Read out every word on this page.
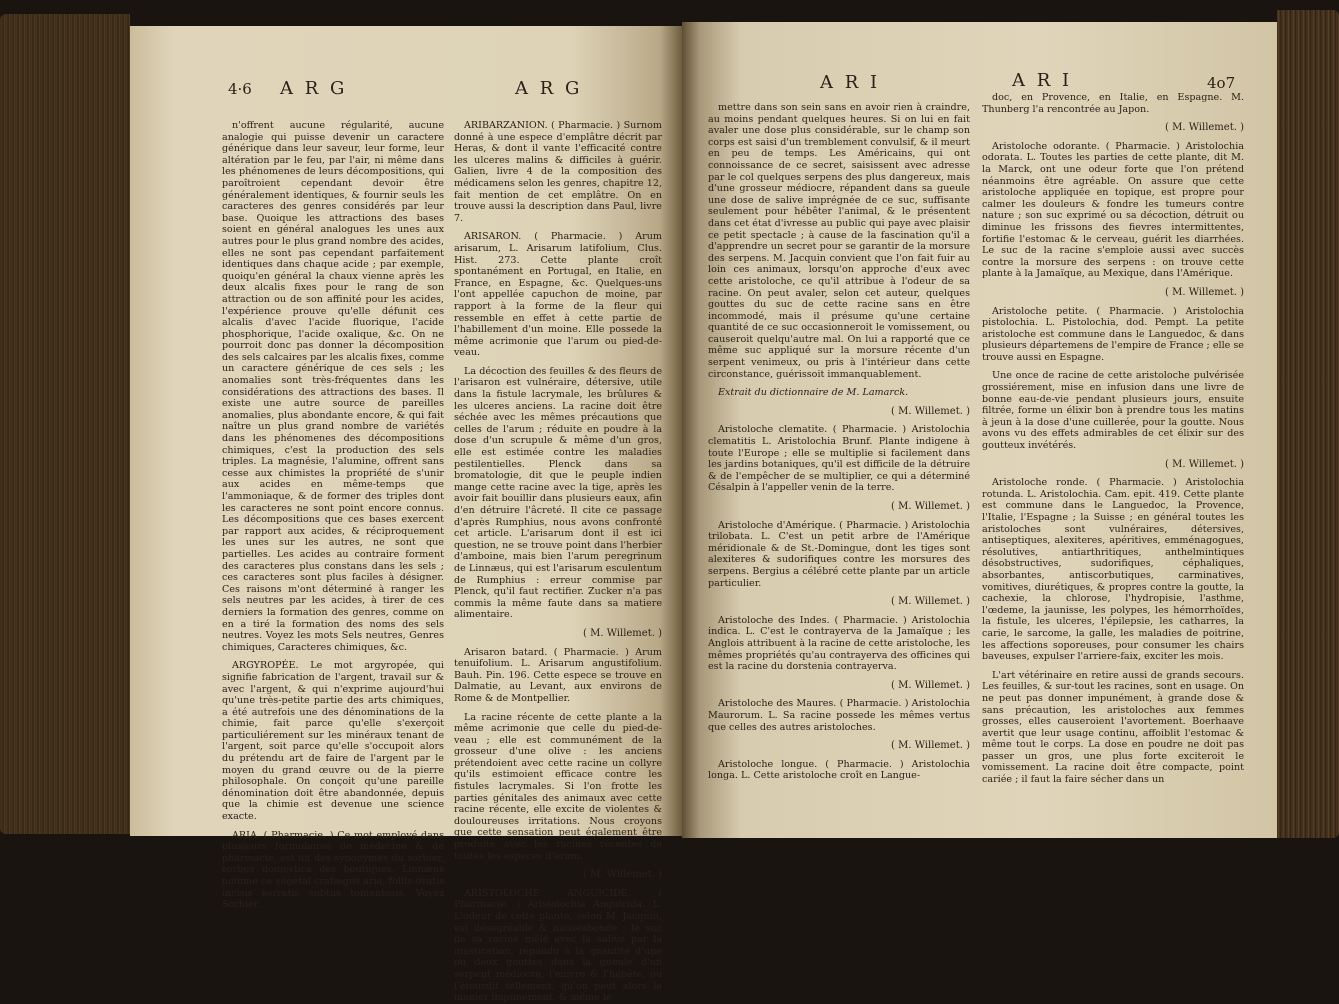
4·6 A R G	A R G

n'offrent aucune régularité, aucune analogie qui puisse devenir un caractere générique dans leur saveur, leur forme, leur altération par le feu, par l'air, ni même dans les phénomenes de leurs décompositions, qui paroîtroient cependant devoir être généralement identiques, & fournir seuls les caracteres des genres considérés par leur base. Quoique les attractions des bases soient en général analogues les unes aux autres pour le plus grand nombre des acides, elles ne sont pas cependant parfaitement identiques dans chaque acide ; par exemple, quoiqu'en général la chaux vienne après les deux alcalis fixes pour le rang de son attraction ou de son affinité pour les acides, l'expérience prouve qu'elle défunit ces alcalis d'avec l'acide fluorique, l'acide phosphorique, l'acide oxalique, &c. On ne pourroit donc pas donner la décomposition des sels calcaires par les alcalis fixes, comme un caractere générique de ces sels ; les anomalies sont très-fréquentes dans les considérations des attractions des bases. Il existe une autre source de pareilles anomalies, plus abondante encore, & qui fait naître un plus grand nombre de variétés dans les phénomenes des décompositions chimiques, c'est la production des sels triples. La magnésie, l'alumine, offrent sans cesse aux chimistes la propriété de s'unir aux acides en même-temps que l'ammoniaque, & de former des triples dont les caracteres ne sont point encore connus. Les décompositions que ces bases exercent par rapport aux acides, & réciproquement les unes sur les autres, ne sont que partielles. Les acides au contraire forment des caracteres plus constans dans les sels ; ces caracteres sont plus faciles à désigner. Ces raisons m'ont déterminé à ranger les sels neutres par les acides, à tirer de ces derniers la formation des genres, comme on en a tiré la formation des noms des sels neutres. Voyez les mots Sels neutres, Genres chimiques, Caracteres chimiques, &c.

ARGYROPÉE. Le mot argyropée, qui signifie fabrication de l'argent, travail sur & avec l'argent, & qui n'exprime aujourd'hui qu'une très-petite partie des arts chimiques, a été autrefois une des dénominations de la chimie, fait parce qu'elle s'exerçoit particuliérement sur les minéraux tenant de l'argent, soit parce qu'elle s'occupoit alors du prétendu art de faire de l'argent par le moyen du grand œuvre ou de la pierre philosophale. On conçoit qu'une pareille dénomination doit être abandonnée, depuis que la chimie est devenue une science exacte.

ARIA. ( Pharmacie. ) Ce mot employé dans plusieurs formulaires de médecine & de pharmacie, est un des synonymes du sorbier, sorbus domestica des boutiques. Linnæus nomme ce végétal cratægus aria, foliis ovatis incisis serratis subtus tomentosis. Voyez Sorbier.

ARIBARZANION. ( Pharmacie. ) Surnom donné à une espece d'emplâtre décrit par Heras, & dont il vante l'efficacité contre les ulceres malins & difficiles à guérir. Galien, livre 4 de la composition des médicamens selon les genres, chapitre 12, fait mention de cet emplâtre. On en trouve aussi la description dans Paul, livre 7.

ARISARON. ( Pharmacie. ) Arum arisarum, L. Arisarum latifolium, Clus. Hist. 273. Cette plante croît spontanément en Portugal, en Italie, en France, en Espagne, &c. Quelques-uns l'ont appellée capuchon de moine, par rapport à la forme de la fleur qui ressemble en effet à cette partie de l'habillement d'un moine. Elle possede la même acrimonie que l'arum ou pied-de-veau.

La décoction des feuilles & des fleurs de l'arisaron est vulnéraire, détersive, utile dans la fistule lacrymale, les brûlures & les ulceres anciens. La racine doit être séchée avec les mêmes précautions que celles de l'arum ; réduite en poudre à la dose d'un scrupule & même d'un gros, elle est estimée contre les maladies pestilentielles. Plenck dans sa bromatologie, dit que le peuple indien mange cette racine avec la tige, après les avoir fait bouillir dans plusieurs eaux, afin d'en détruire l'âcreté. Il cite ce passage d'après Rumphius, nous avons confronté cet article. L'arisarum dont il est ici question, ne se trouve point dans l'herbier d'amboine, mais bien l'arum peregrinum de Linnæus, qui est l'arisarum esculentum de Rumphius : erreur commise par Plenck, qu'il faut rectifier. Zucker n'a pas commis la même faute dans sa matiere alimentaire.

( M. Willemet. )

Arisaron batard. ( Pharmacie. ) Arum tenuifolium. L. Arisarum angustifolium. Bauh. Pin. 196. Cette espece se trouve en Dalmatie, au Levant, aux environs de Rome & de Montpellier.

La racine récente de cette plante a la même acrimonie que celle du pied-de-veau ; elle est communément de la grosseur d'une olive : les anciens prétendoient avec cette racine un collyre qu'ils estimoient efficace contre les fistules lacrymales. Si l'on frotte les parties génitales des animaux avec cette racine récente, elle excite de violentes & douloureuses irritations. Nous croyons que cette sensation peut également être produite avec les racines récentes de toutes les especes d'arum.

( M. Willemet. )

ARISTOLOCHE ANGUICIDE. ( Pharmacie. ) Aristolochia Anguicida. L. L'odeur de cette plante, selon M. Jacquin, est désagréable & nauséabonde ; le suc de sa racine mêlé avec la salive par la mastication, répandu à la quantité d'une ou deux gouttes dans la gueule d'un serpent médiocre, l'enivre & l'hébête, ou l'étourdit tellement, qu'on peut alors le manier impunément, & même le

A R I	A R I	4o7

mettre dans son sein sans en avoir rien à craindre, au moins pendant quelques heures. Si on lui en fait avaler une dose plus considérable, sur le champ son corps est saisi d'un tremblement convulsif, & il meurt en peu de temps. Les Américains, qui ont connoissance de ce secret, saisissent avec adresse par le col quelques serpens des plus dangereux, mais d'une grosseur médiocre, répandent dans sa gueule une dose de salive imprégnée de ce suc, suffisante seulement pour hébêter l'animal, & le présentent dans cet état d'ivresse au public qui paye avec plaisir ce petit spectacle ; à cause de la fascination qu'il a d'apprendre un secret pour se garantir de la morsure des serpens. M. Jacquin convient que l'on fait fuir au loin ces animaux, lorsqu'on approche d'eux avec cette aristoloche, ce qu'il attribue à l'odeur de sa racine. On peut avaler, selon cet auteur, quelques gouttes du suc de cette racine sans en être incommodé, mais il présume qu'une certaine quantité de ce suc occasionneroit le vomissement, ou causeroit quelqu'autre mal. On lui a rapporté que ce même suc appliqué sur la morsure récente d'un serpent venimeux, ou pris à l'intérieur dans cette circonstance, guérissoit immanquablement.

Extrait du dictionnaire de M. Lamarck.

( M. Willemet. )

Aristoloche clematite. ( Pharmacie. ) Aristolochia clematitis L. Aristolochia Brunf. Plante indigene à toute l'Europe ; elle se multiplie si facilement dans les jardins botaniques, qu'il est difficile de la détruire & de l'empêcher de se multiplier, ce qui a déterminé Césalpin à l'appeller venin de la terre.

( M. Willemet. )

Aristoloche d'Amérique. ( Pharmacie. ) Aristolochia trilobata. L. C'est un petit arbre de l'Amérique méridionale & de St.-Domingue, dont les tiges sont alexiteres & sudorifiques contre les morsures des serpens. Bergius a célébré cette plante par un article particulier.

( M. Willemet. )

Aristoloche des Indes. ( Pharmacie. ) Aristolochia indica. L. C'est le contrayerva de la Jamaïque ; les Anglois attribuent à la racine de cette aristoloche, les mêmes propriétés qu'au contrayerva des officines qui est la racine du dorstenia contrayerva.

( M. Willemet. )

Aristoloche des Maures. ( Pharmacie. ) Aristolochia Maurorum. L. Sa racine possede les mêmes vertus que celles des autres aristoloches.

( M. Willemet. )

Aristoloche longue. ( Pharmacie. ) Aristolochia longa. L. Cette aristoloche croît en Langue-

doc, en Provence, en Italie, en Espagne. M. Thunberg l'a rencontrée au Japon.

( M. Willemet. )

Aristoloche odorante. ( Pharmacie. ) Aristolochia odorata. L. Toutes les parties de cette plante, dit M. la Marck, ont une odeur forte que l'on prétend néanmoins être agréable. On assure que cette aristoloche appliquée en topique, est propre pour calmer les douleurs & fondre les tumeurs contre nature ; son suc exprimé ou sa décoction, détruit ou diminue les frissons des fievres intermittentes, fortifie l'estomac & le cerveau, guérit les diarrhées. Le suc de la racine s'emploie aussi avec succès contre la morsure des serpens : on trouve cette plante à la Jamaïque, au Mexique, dans l'Amérique.

( M. Willemet. )

Aristoloche petite. ( Pharmacie. ) Aristolochia pistolochia. L. Pistolochia, dod. Pempt. La petite aristoloche est commune dans le Languedoc, & dans plusieurs départemens de l'empire de France ; elle se trouve aussi en Espagne.

Une once de racine de cette aristoloche pulvérisée grossiérement, mise en infusion dans une livre de bonne eau-de-vie pendant plusieurs jours, ensuite filtrée, forme un élixir bon à prendre tous les matins à jeun à la dose d'une cuillerée, pour la goutte. Nous avons vu des effets admirables de cet élixir sur des goutteux invétérés.

( M. Willemet. )

Aristoloche ronde. ( Pharmacie. ) Aristolochia rotunda. L. Aristolochia. Cam. epit. 419. Cette plante est commune dans le Languedoc, la Provence, l'Italie, l'Espagne ; la Suisse ; en général toutes les aristoloches sont vulnéraires, détersives, antiseptiques, alexiteres, apéritives, emménagogues, résolutives, antiarthritiques, anthelmintiques désobstructives, sudorifiques, céphaliques, absorbantes, antiscorbutiques, carminatives, vomitives, diurétiques, & propres contre la goutte, la cachexie, la chlorose, l'hydropisie, l'asthme, l'œdeme, la jaunisse, les polypes, les hémorrhoïdes, la fistule, les ulceres, l'épilepsie, les catharres, la carie, le sarcome, la galle, les maladies de poitrine, les affections soporeuses, pour consumer les chairs baveuses, expulser l'arriere-faix, exciter les mois.

L'art vétérinaire en retire aussi de grands secours. Les feuilles, & sur-tout les racines, sont en usage. On ne peut pas donner impunément, à grande dose & sans précaution, les aristoloches aux femmes grosses, elles causeroient l'avortement. Boerhaave avertit que leur usage continu, affoiblit l'estomac & même tout le corps. La dose en poudre ne doit pas passer un gros, une plus forte exciteroit le vomissement. La racine doit être compacte, point cariée ; il faut la faire sécher dans un
